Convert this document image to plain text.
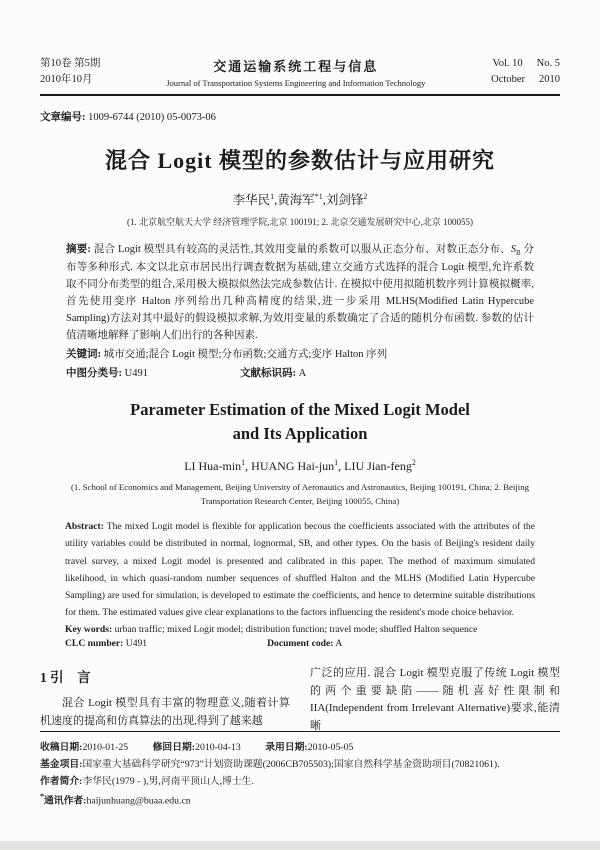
第10卷 第5期
2010年10月
交通运输系统工程与信息
Journal of Transportation Systems Engineering and Information Technology
Vol. 10 No. 5
October 2010
文章编号: 1009-6744 (2010) 05-0073-06
混合 Logit 模型的参数估计与应用研究
李华民$^1$,黄海军$^{*1}$,刘剑锋$^2$
(1. 北京航空航天大学 经济管理学院,北京 100191; 2. 北京交通发展研究中心,北京 100055)
摘要: 混合 Logit 模型具有较高的灵活性,其效用变量的系数可以服从正态分布、对数正态分布、$S_B$ 分布等多种形式. 本文以北京市居民出行调查数据为基础,建立交通方式选择的混合 Logit 模型,允许系数取不同分布类型的组合,采用极大模拟似然法完成参数估计. 在模拟中使用拟随机数序列计算模拟概率,首先使用变序 Halton 序列给出几种高精度的结果,进一步采用 MLHS(Modified Latin Hypercube Sampling)方法对其中最好的假设模拟求解,为效用变量的系数确定了合适的随机分布函数. 参数的估计值清晰地解释了影响人们出行的各种因素.
关键词: 城市交通;混合 Logit 模型;分布函数;交通方式;变序 Halton 序列
中图分类号: U491	文献标识码: A
Parameter Estimation of the Mixed Logit Model
and Its Application
LI Hua-$\min^1$, HUANG Hai-jun$^1$, LIU Jian-feng$^2$
(1. School of Economics and Management, Beijing University of Aeronautics and Astronautics, Beijing 100191, China; 2. Beijing Transportation Research Center, Beijing 100055, China)
Abstract: The mixed Logit model is flexible for application becous the coefficients associated with the attributes of the utility variables could be distributed in normal, lognormal, SB, and other types. On the basis of Beijing's resident daily travel survey, a mixed Logit model is presented and calibrated in this paper. The method of maximum simulated likelihood, in which quasi-random number sequences of shuffled Halton and the MLHS (Modified Latin Hypercube Sampling) are used for simulation, is developed to estimate the coefficients, and hence to determine suitable distributions for them. The estimated values give clear explanations to the factors influencing the resident's mode choice behavior.
Key words: urban traffic; mixed Logit model; distribution function; travel mode; shuffled Halton sequence
CLC number: U491	Document code: A
1 引　言

混合 Logit 模型具有丰富的物理意义,随着计算机速度的提高和仿真算法的出现,得到了越来越

广泛的应用. 混合 Logit 模型克服了传统 Logit 模型的两个重要缺陷——随机喜好性限制和 IIA(Independent from Irrelevant Alternative)要求,能清晰

收稿日期:2010-01-25 修回日期:2010-04-13 录用日期:2010-05-05
基金项目:国家重大基础科学研究“973”计划资助课题(2006CB705503);国家自然科学基金资助项目(70821061).
作者简介:李华民(1979 - ),男,河南平顶山人,博士生.
*通讯作者:haijunhuang@buaa.edu.cn
